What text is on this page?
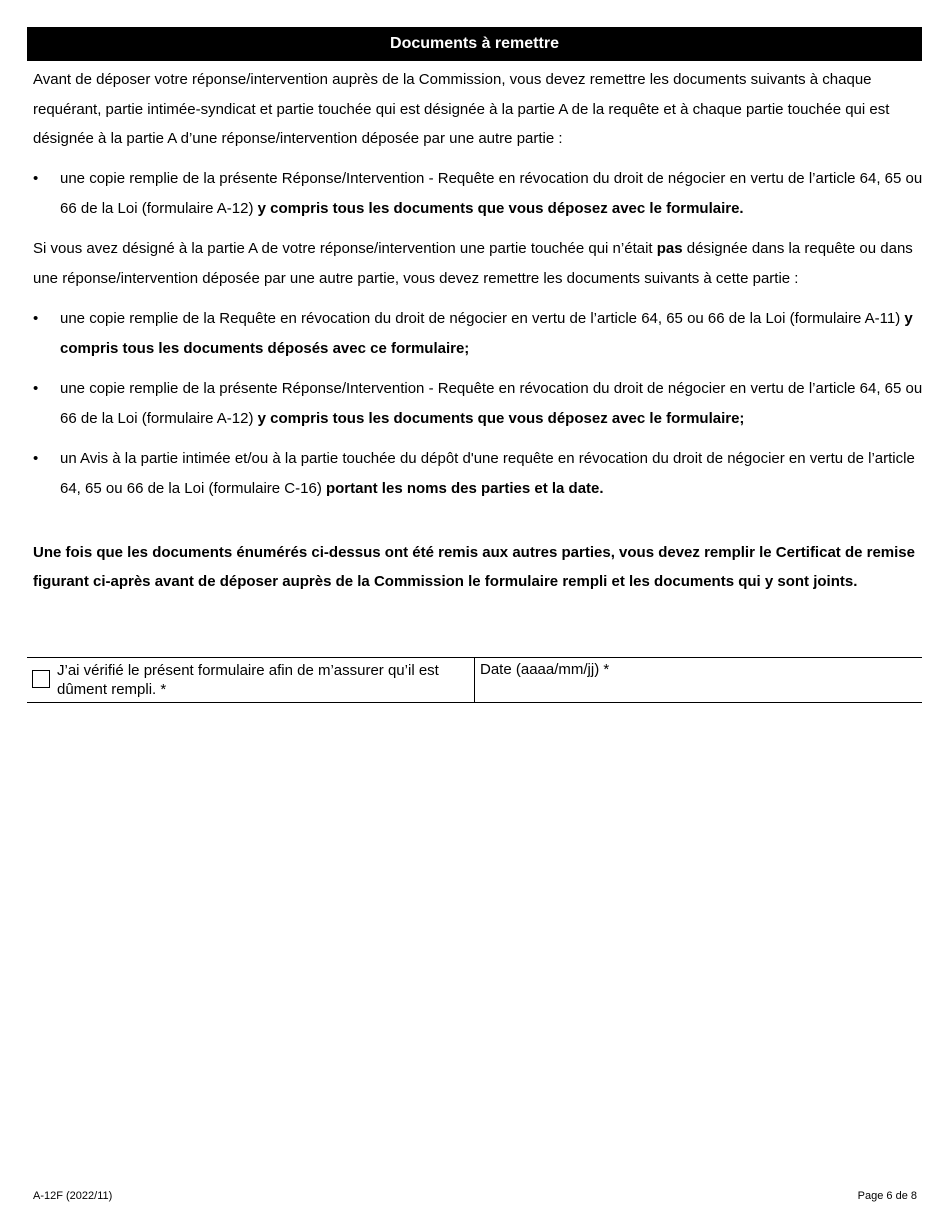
Documents à remettre

Avant de déposer votre réponse/intervention auprès de la Commission, vous devez remettre les documents suivants à chaque requérant, partie intimée-syndicat et partie touchée qui est désignée à la partie A de la requête et à chaque partie touchée qui est désignée à la partie A d’une réponse/intervention déposée par une autre partie :

• une copie remplie de la présente Réponse/Intervention - Requête en révocation du droit de négocier en vertu de l’article 64, 65 ou 66 de la Loi (formulaire A-12) y compris tous les documents que vous déposez avec le formulaire.

Si vous avez désigné à la partie A de votre réponse/intervention une partie touchée qui n’était pas désignée dans la requête ou dans une réponse/intervention déposée par une autre partie, vous devez remettre les documents suivants à cette partie :

• une copie remplie de la Requête en révocation du droit de négocier en vertu de l’article 64, 65 ou 66 de la Loi (formulaire A-11) y compris tous les documents déposés avec ce formulaire;
• une copie remplie de la présente Réponse/Intervention - Requête en révocation du droit de négocier en vertu de l’article 64, 65 ou 66 de la Loi (formulaire A-12) y compris tous les documents que vous déposez avec le formulaire;
• un Avis à la partie intimée et/ou à la partie touchée du dépôt d'une requête en révocation du droit de négocier en vertu de l’article 64, 65 ou 66 de la Loi (formulaire C-16) portant les noms des parties et la date.
Une fois que les documents énumérés ci-dessus ont été remis aux autres parties, vous devez remplir le Certificat de remise figurant ci-après avant de déposer auprès de la Commission le formulaire rempli et les documents qui y sont joints.
J’ai vérifié le présent formulaire afin de m’assurer qu’il est dûment rempli. *
Date (aaaa/mm/jj) *
A-12F (2022/11)	Page 6 de 8
